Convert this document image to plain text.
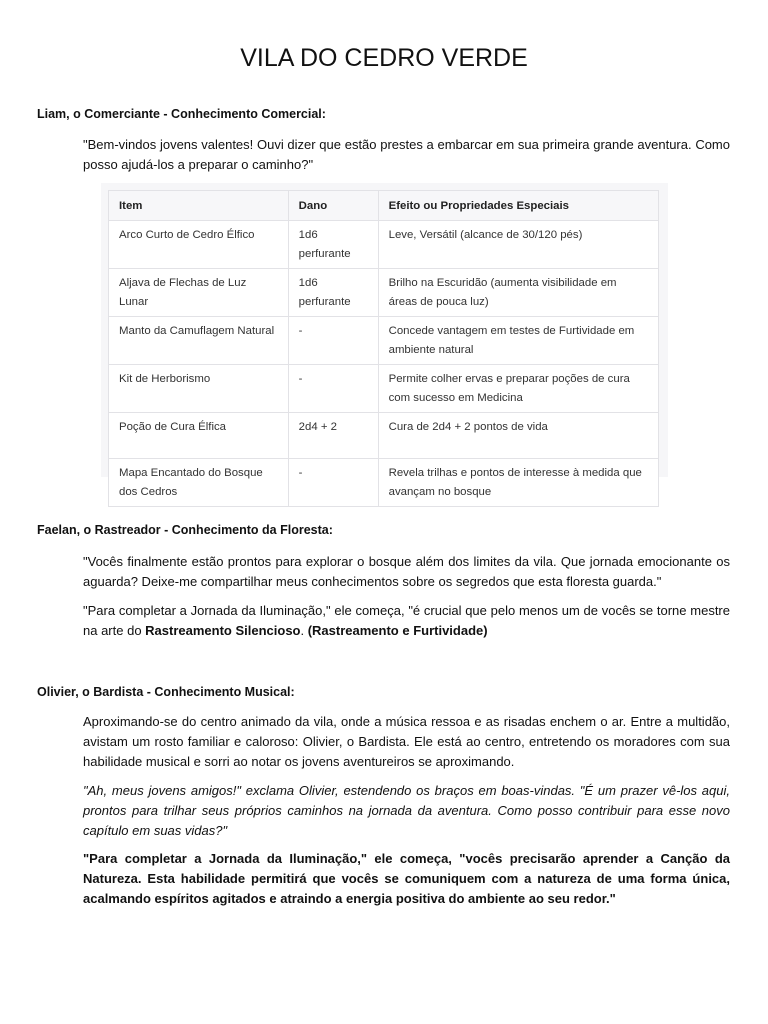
VILA DO CEDRO VERDE

Liam, o Comerciante - Conhecimento Comercial:

"Bem-vindos jovens valentes! Ouvi dizer que estão prestes a embarcar em sua primeira grande aventura. Como posso ajudá-los a preparar o caminho?"

Item	Dano	Efeito ou Propriedades Especiais
Arco Curto de Cedro Élfico	1d6 perfurante	Leve, Versátil (alcance de 30/120 pés)
Aljava de Flechas de Luz Lunar	1d6 perfurante	Brilho na Escuridão (aumenta visibilidade em áreas de pouca luz)
Manto da Camuflagem Natural	-	Concede vantagem em testes de Furtividade em ambiente natural
Kit de Herborismo	-	Permite colher ervas e preparar poções de cura com sucesso em Medicina
Poção de Cura Élfica	2d4 + 2	Cura de 2d4 + 2 pontos de vida
Mapa Encantado do Bosque dos Cedros	-	Revela trilhas e pontos de interesse à medida que avançam no bosque

Faelan, o Rastreador - Conhecimento da Floresta:

"Vocês finalmente estão prontos para explorar o bosque além dos limites da vila. Que jornada emocionante os aguarda? Deixe-me compartilhar meus conhecimentos sobre os segredos que esta floresta guarda."

"Para completar a Jornada da Iluminação," ele começa, "é crucial que pelo menos um de vocês se torne mestre na arte do Rastreamento Silencioso. (Rastreamento e Furtividade)

Olivier, o Bardista - Conhecimento Musical:

Aproximando-se do centro animado da vila, onde a música ressoa e as risadas enchem o ar. Entre a multidão, avistam um rosto familiar e caloroso: Olivier, o Bardista. Ele está ao centro, entretendo os moradores com sua habilidade musical e sorri ao notar os jovens aventureiros se aproximando.

"Ah, meus jovens amigos!" exclama Olivier, estendendo os braços em boas-vindas. "É um prazer vê-los aqui, prontos para trilhar seus próprios caminhos na jornada da aventura. Como posso contribuir para esse novo capítulo em suas vidas?"

"Para completar a Jornada da Iluminação," ele começa, "vocês precisarão aprender a Canção da Natureza. Esta habilidade permitirá que vocês se comuniquem com a natureza de uma forma única, acalmando espíritos agitados e atraindo a energia positiva do ambiente ao seu redor."
